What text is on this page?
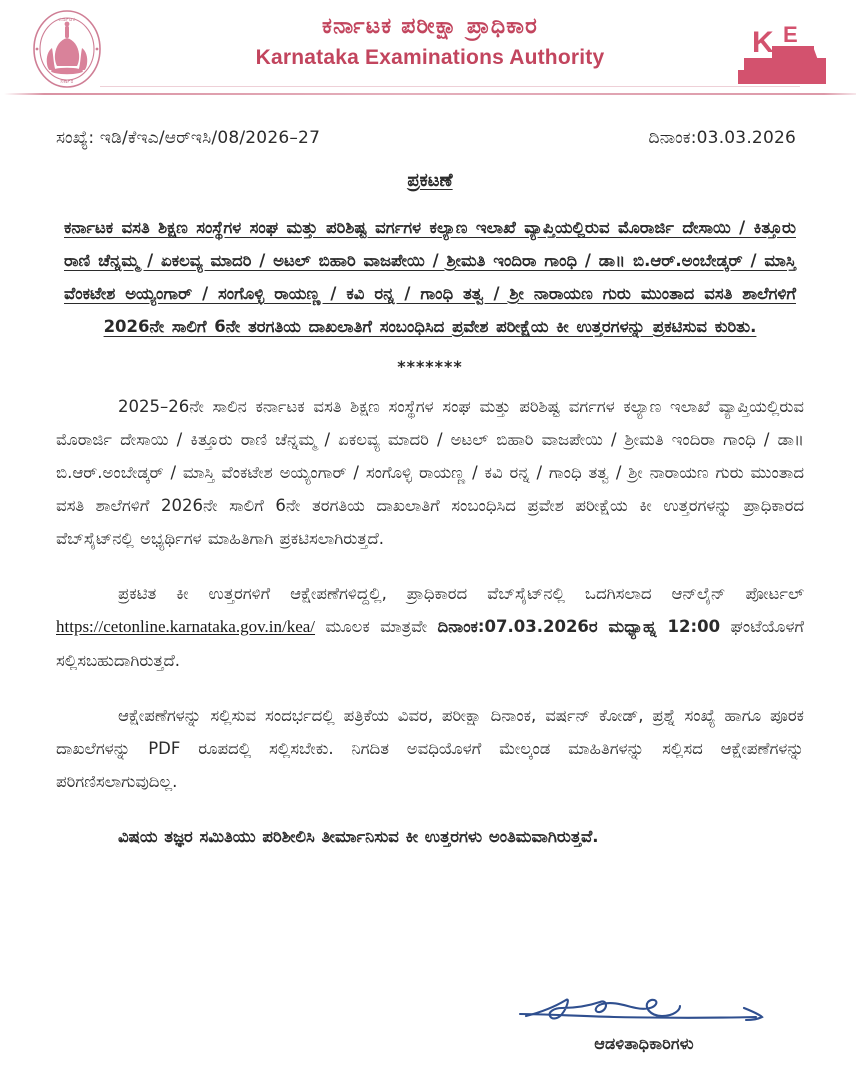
ಕರ್ನಾಟಕ
ಸರ್ಕಾರ
ಕರ್ನಾಟಕ ಪರೀಕ್ಷಾ ಪ್ರಾಧಿಕಾರ
Karnataka Examinations Authority	K E
A
ಸಂಖ್ಯೆ: ಇಡಿ/ಕೆಇಎ/ಆರ್‌ಇಸಿ/08/2026–27	ದಿನಾಂಕ:03.03.2026
ಪ್ರಕಟಣೆ
ಕರ್ನಾಟಕ ವಸತಿ ಶಿಕ್ಷಣ ಸಂಸ್ಥೆಗಳ ಸಂಘ ಮತ್ತು ಪರಿಶಿಷ್ಟ ವರ್ಗಗಳ ಕಲ್ಯಾಣ ಇಲಾಖೆ ವ್ಯಾಪ್ತಿಯಲ್ಲಿರುವ ಮೊರಾರ್ಜಿ ದೇಸಾಯಿ / ಕಿತ್ತೂರು ರಾಣಿ ಚೆನ್ನಮ್ಮ / ಏಕಲವ್ಯ ಮಾದರಿ / ಅಟಲ್ ಬಿಹಾರಿ ವಾಜಪೇಯಿ / ಶ್ರೀಮತಿ ಇಂದಿರಾ ಗಾಂಧಿ / ಡಾ॥ ಬಿ.ಆರ್.ಅಂಬೇಡ್ಕರ್ / ಮಾಸ್ತಿ ವೆಂಕಟೇಶ ಅಯ್ಯಂಗಾರ್ / ಸಂಗೊಳ್ಳಿ ರಾಯಣ್ಣ / ಕವಿ ರನ್ನ / ಗಾಂಧಿ ತತ್ವ / ಶ್ರೀ ನಾರಾಯಣ ಗುರು ಮುಂತಾದ ವಸತಿ ಶಾಲೆಗಳಿಗೆ 2026ನೇ ಸಾಲಿಗೆ 6ನೇ ತರಗತಿಯ ದಾಖಲಾತಿಗೆ ಸಂಬಂಧಿಸಿದ ಪ್ರವೇಶ ಪರೀಕ್ಷೆಯ ಕೀ ಉತ್ತರಗಳನ್ನು ಪ್ರಕಟಿಸುವ ಕುರಿತು.
*******

2025–26ನೇ ಸಾಲಿನ ಕರ್ನಾಟಕ ವಸತಿ ಶಿಕ್ಷಣ ಸಂಸ್ಥೆಗಳ ಸಂಘ ಮತ್ತು ಪರಿಶಿಷ್ಟ ವರ್ಗಗಳ ಕಲ್ಯಾಣ ಇಲಾಖೆ ವ್ಯಾಪ್ತಿಯಲ್ಲಿರುವ ಮೊರಾರ್ಜಿ ದೇಸಾಯಿ / ಕಿತ್ತೂರು ರಾಣಿ ಚೆನ್ನಮ್ಮ / ಏಕಲವ್ಯ ಮಾದರಿ / ಅಟಲ್ ಬಿಹಾರಿ ವಾಜಪೇಯಿ / ಶ್ರೀಮತಿ ಇಂದಿರಾ ಗಾಂಧಿ / ಡಾ॥ ಬಿ.ಆರ್.ಅಂಬೇಡ್ಕರ್ / ಮಾಸ್ತಿ ವೆಂಕಟೇಶ ಅಯ್ಯಂಗಾರ್ / ಸಂಗೊಳ್ಳಿ ರಾಯಣ್ಣ / ಕವಿ ರನ್ನ / ಗಾಂಧಿ ತತ್ವ / ಶ್ರೀ ನಾರಾಯಣ ಗುರು ಮುಂತಾದ ವಸತಿ ಶಾಲೆಗಳಿಗೆ 2026ನೇ ಸಾಲಿಗೆ 6ನೇ ತರಗತಿಯ ದಾಖಲಾತಿಗೆ ಸಂಬಂಧಿಸಿದ ಪ್ರವೇಶ ಪರೀಕ್ಷೆಯ ಕೀ ಉತ್ತರಗಳನ್ನು ಪ್ರಾಧಿಕಾರದ ವೆಬ್‌ಸೈಟ್‌ನಲ್ಲಿ ಅಭ್ಯರ್ಥಿಗಳ ಮಾಹಿತಿಗಾಗಿ ಪ್ರಕಟಿಸಲಾಗಿರುತ್ತದೆ.

ಪ್ರಕಟಿತ ಕೀ ಉತ್ತರಗಳಿಗೆ ಆಕ್ಷೇಪಣೆಗಳಿದ್ದಲ್ಲಿ, ಪ್ರಾಧಿಕಾರದ ವೆಬ್‌ಸೈಟ್‌ನಲ್ಲಿ ಒದಗಿಸಲಾದ ಆನ್‌ಲೈನ್ ಪೋರ್ಟಲ್ https://cetonline.karnataka.gov.in/kea/ ಮೂಲಕ ಮಾತ್ರವೇ ದಿನಾಂಕ:07.03.2026ರ ಮಧ್ಯಾಹ್ನ 12:00 ಘಂಟೆಯೊಳಗೆ ಸಲ್ಲಿಸಬಹುದಾಗಿರುತ್ತದೆ.

ಆಕ್ಷೇಪಣೆಗಳನ್ನು ಸಲ್ಲಿಸುವ ಸಂದರ್ಭದಲ್ಲಿ ಪತ್ರಿಕೆಯ ವಿವರ, ಪರೀಕ್ಷಾ ದಿನಾಂಕ, ವರ್ಷನ್ ಕೋಡ್, ಪ್ರಶ್ನೆ ಸಂಖ್ಯೆ ಹಾಗೂ ಪೂರಕ ದಾಖಲೆಗಳನ್ನು PDF ರೂಪದಲ್ಲಿ ಸಲ್ಲಿಸಬೇಕು. ನಿಗದಿತ ಅವಧಿಯೊಳಗೆ ಮೇಲ್ಕಂಡ ಮಾಹಿತಿಗಳನ್ನು ಸಲ್ಲಿಸದ ಆಕ್ಷೇಪಣೆಗಳನ್ನು ಪರಿಗಣಿಸಲಾಗುವುದಿಲ್ಲ.

ವಿಷಯ ತಜ್ಞರ ಸಮಿತಿಯು ಪರಿಶೀಲಿಸಿ ತೀರ್ಮಾನಿಸುವ ಕೀ ಉತ್ತರಗಳು ಅಂತಿಮವಾಗಿರುತ್ತವೆ.

ಆಡಳಿತಾಧಿಕಾರಿಗಳು
